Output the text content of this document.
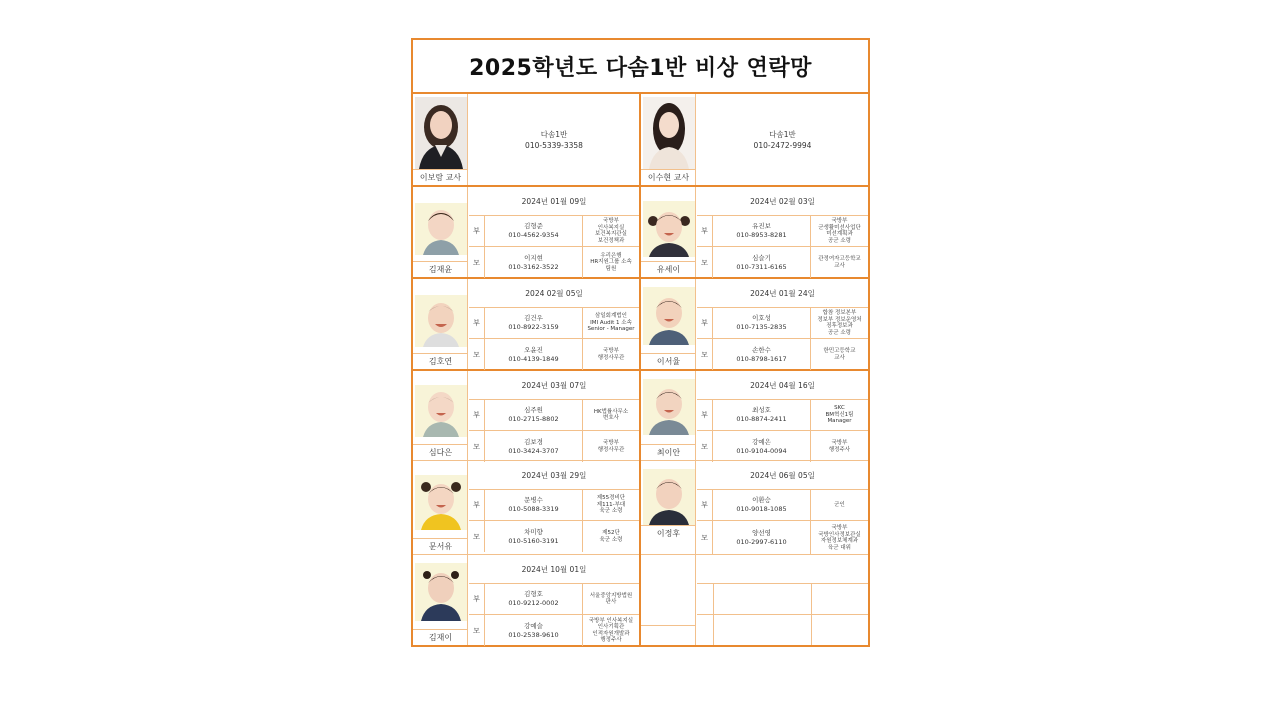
2025학년도 다솜1반 비상 연락망
이보람 교사
다솜1반
010-5339-3358
김재윤
2024년 01월 09일
부
김형준
010-4562-9354
국방부
인사복지실
보건복지관실
보건정책과
모
이지현
010-3162-3522
우리은행
HR지원그룹 소속
팀원
김호연
2024 02월 05일
부
김건우
010-8922-3159
삼일회계법인
IMI Audit 1 소속
Senior - Manager
모
오윤진
010-4139-1849
국방부
행정사무관
심다은
2024년 03월 07일
부
심주원
010-2715-8802
HK법률사무소
변호사
모
김보경
010-3424-3707
국방부
행정사무관
문서유
2024년 03월 29일
부
문병수
010-5088-3319
제55경비단
제111-부대
육군 소령
모
차미향
010-5160-3191
제52단
육군 소령
김재이
2024년 10월 01일
부
김형호
010-9212-0002
서울중앙지방법원
판사
모
강예슬
010-2538-9610
국방부 인사복지실
인사기획관
인적자원개발과
행정주사
이수현 교사
다솜1반
010-2472-9994
유세이
2024년 02월 03일
부
유진보
010-8953-8281
국방부
군생활미선사업단
미선계획과
공군 소령
모
심슬기
010-7311-6165
관정여자고등학교
교사
이서율
2024년 01월 24일
부
이호성
010-7135-2835
합참 정보본부
정보부 정보운영처
징후정보과
공군 소령
모
손한수
010-8798-1617
한민고등학교
교사
최이안
2024년 04월 16일
부
최성호
010-8874-2411
SKC
BM혁신1팀
Manager
모
강예은
010-9104-0094
국방부
행정주사
이정후
2024년 06월 05일
부
이환승
010-9018-1085
군인
모
양선영
010-2997-6110
국방부
국방인사정보관실
자원정보체계과
육군 대위
